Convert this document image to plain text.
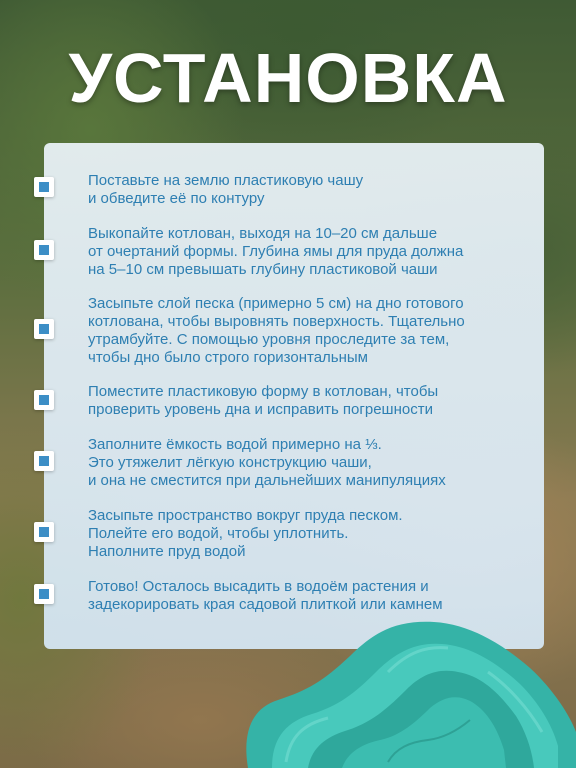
УСТАНОВКА
Поставьте на землю пластиковую чашу
и обведите её по контуру
Выкопайте котлован, выходя на 10–20 см дальше
от очертаний формы. Глубина ямы для пруда должна
на 5–10 см превышать глубину пластиковой чаши
Засыпьте слой песка (примерно 5 см) на дно готового
котлована, чтобы выровнять поверхность. Тщательно
утрамбуйте. С помощью уровня проследите за тем,
чтобы дно было строго горизонтальным
Поместите пластиковую форму в котлован, чтобы
проверить уровень дна и исправить погрешности
Заполните ёмкость водой примерно на ⅓.
Это утяжелит лёгкую конструкцию чаши,
и она не сместится при дальнейших манипуляциях
Засыпьте пространство вокруг пруда песком.
Полейте его водой, чтобы уплотнить.
Наполните пруд водой
Готово! Осталось высадить в водоём растения и
задекорировать края садовой плиткой или камнем
